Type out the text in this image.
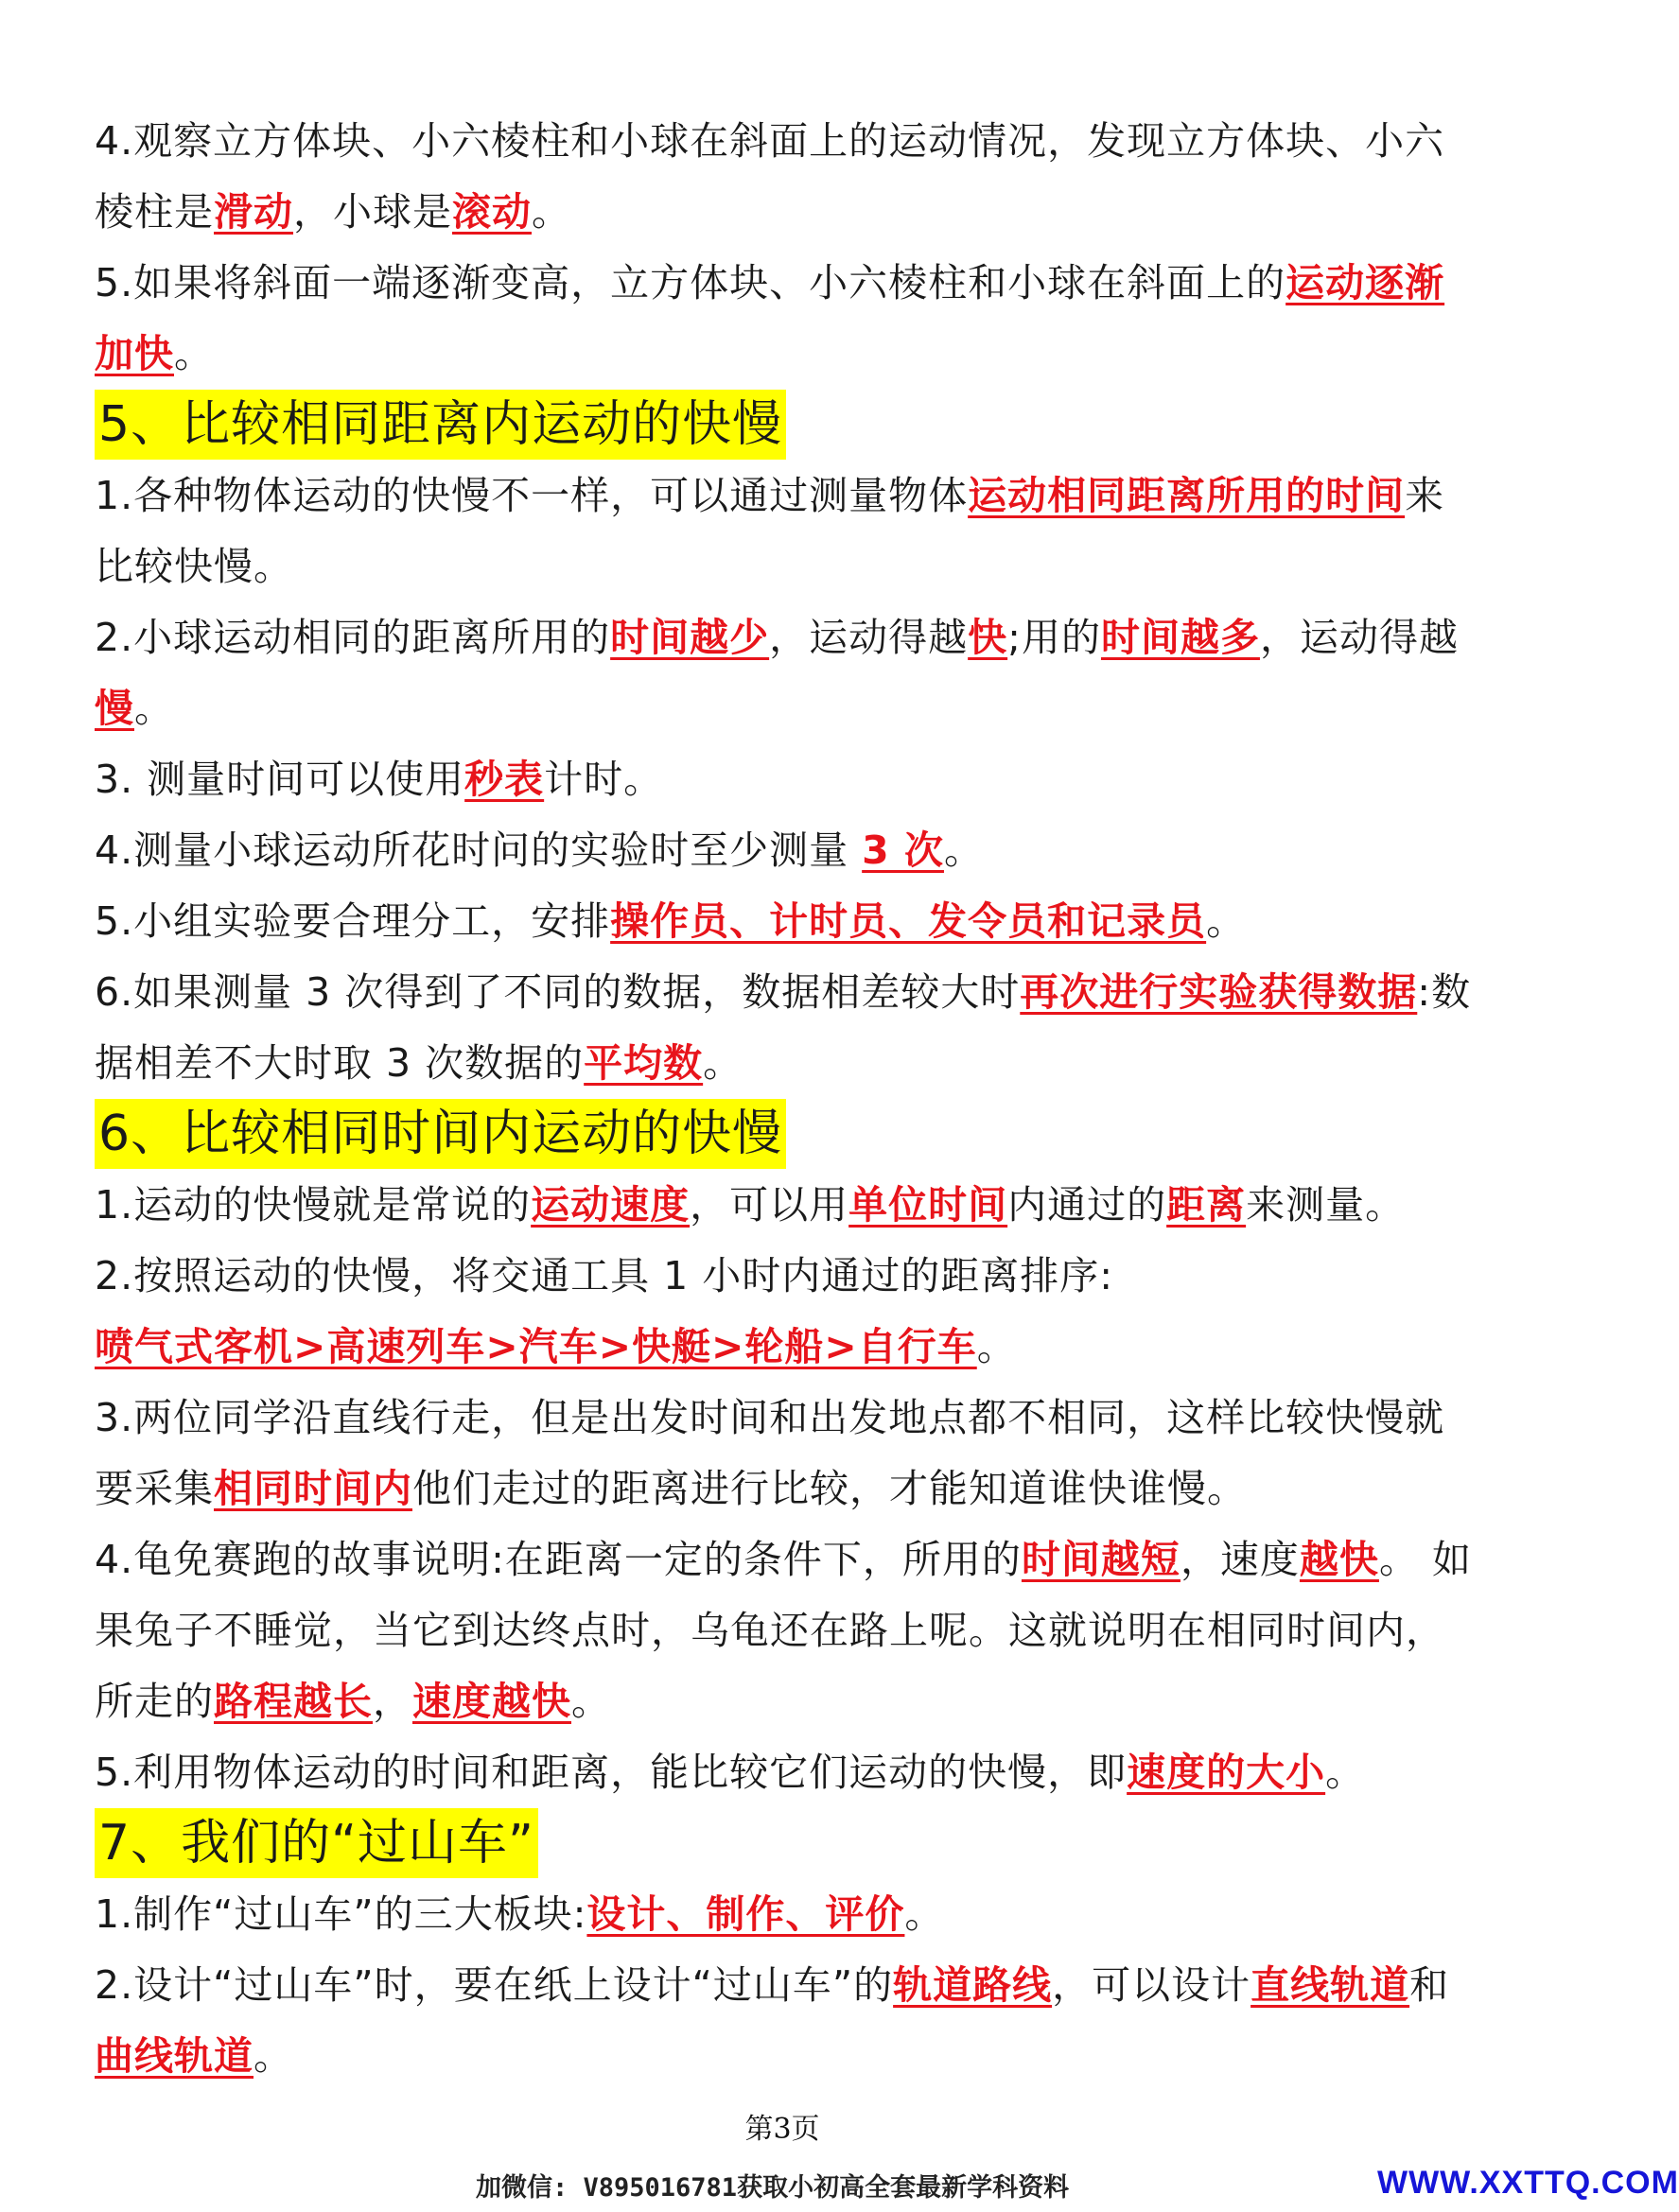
4.观察立方体块、小六棱柱和小球在斜面上的运动情况，发现立方体块、小六棱柱是滑动，小球是滚动。

5.如果将斜面一端逐渐变高，立方体块、小六棱柱和小球在斜面上的运动逐渐加快。

5、比较相同距离内运动的快慢

1.各种物体运动的快慢不一样，可以通过测量物体运动相同距离所用的时间来比较快慢。

2.小球运动相同的距离所用的时间越少，运动得越快;用的时间越多，运动得越慢。

3. 测量时间可以使用秒表计时。

4.测量小球运动所花时问的实验时至少测量 3 次。

5.小组实验要合理分工，安排操作员、计时员、发令员和记录员。

6.如果测量 3 次得到了不同的数据，数据相差较大时再次进行实验获得数据:数据相差不大时取 3 次数据的平均数。

6、比较相同时间内运动的快慢

1.运动的快慢就是常说的运动速度，可以用单位时间内通过的距离来测量。

2.按照运动的快慢，将交通工具 1 小时内通过的距离排序:

喷气式客机>高速列车>汽车>快艇>轮船>自行车。

3.两位同学沿直线行走，但是出发时间和出发地点都不相同，这样比较快慢就要采集相同时间内他们走过的距离进行比较，才能知道谁快谁慢。

4.龟免赛跑的故事说明:在距离一定的条件下，所用的时间越短，速度越快。 如果兔子不睡觉，当它到达终点时，乌龟还在路上呢。这就说明在相同时间内，所走的路程越长，速度越快。

5.利用物体运动的时间和距离，能比较它们运动的快慢，即速度的大小。

7、我们的“过山车”

1.制作“过山车”的三大板块:设计、制作、评价。

2.设计“过山车”时，要在纸上设计“过山车”的轨道路线，可以设计直线轨道和曲线轨道。

第3页
加微信: V895016781获取小初高全套最新学科资料	WWW.XXTTQ.COM
